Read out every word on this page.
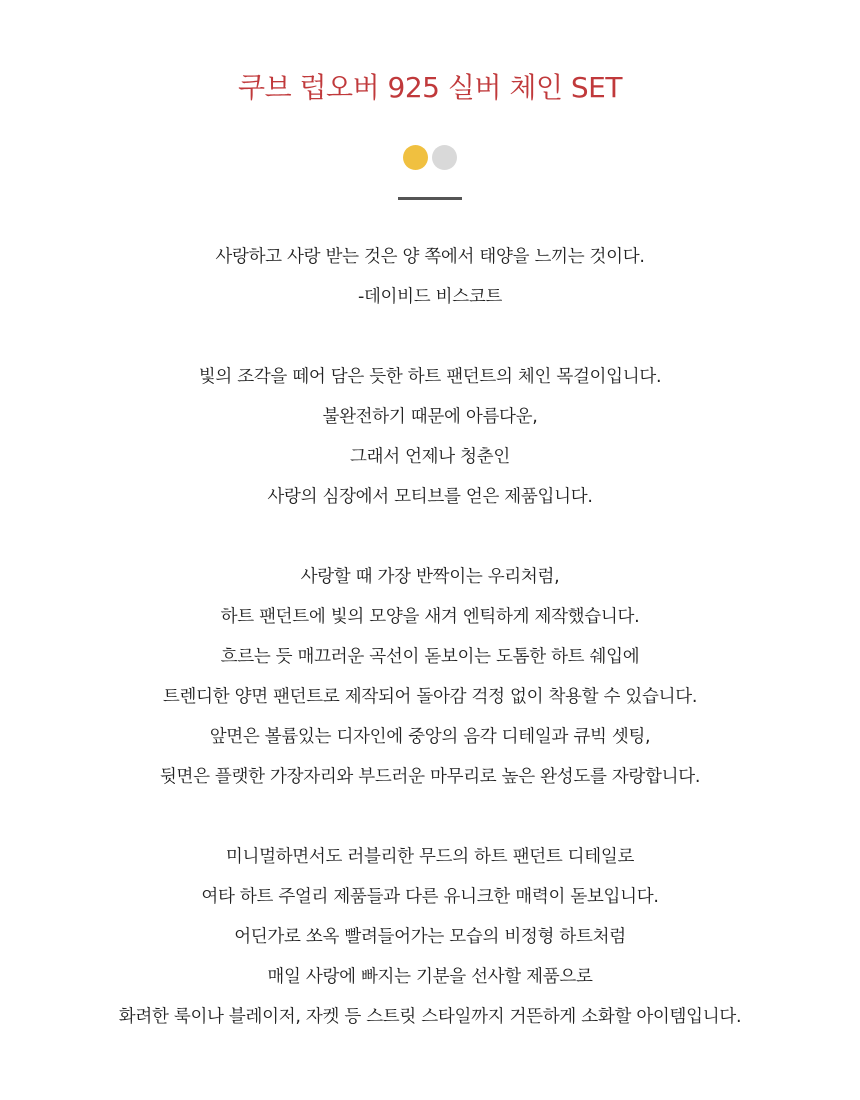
쿠브 럽오버 925 실버 체인 SET

사랑하고 사랑 받는 것은 양 쪽에서 태양을 느끼는 것이다.
-데이비드 비스코트

빛의 조각을 떼어 담은 듯한 하트 팬던트의 체인 목걸이입니다.
불완전하기 때문에 아름다운,
그래서 언제나 청춘인
사랑의 심장에서 모티브를 얻은 제품입니다.

사랑할 때 가장 반짝이는 우리처럼,
하트 팬던트에 빛의 모양을 새겨 엔틱하게 제작했습니다.
흐르는 듯 매끄러운 곡선이 돋보이는 도톰한 하트 쉐입에
트렌디한 양면 팬던트로 제작되어 돌아감 걱정 없이 착용할 수 있습니다.
앞면은 볼륨있는 디자인에 중앙의 음각 디테일과 큐빅 셋팅,
뒷면은 플랫한 가장자리와 부드러운 마무리로 높은 완성도를 자랑합니다.

미니멀하면서도 러블리한 무드의 하트 팬던트 디테일로
여타 하트 주얼리 제품들과 다른 유니크한 매력이 돋보입니다.
어딘가로 쏘옥 빨려들어가는 모습의 비정형 하트처럼
매일 사랑에 빠지는 기분을 선사할 제품으로
화려한 룩이나 블레이저, 자켓 등 스트릿 스타일까지 거뜬하게 소화할 아이템입니다.
